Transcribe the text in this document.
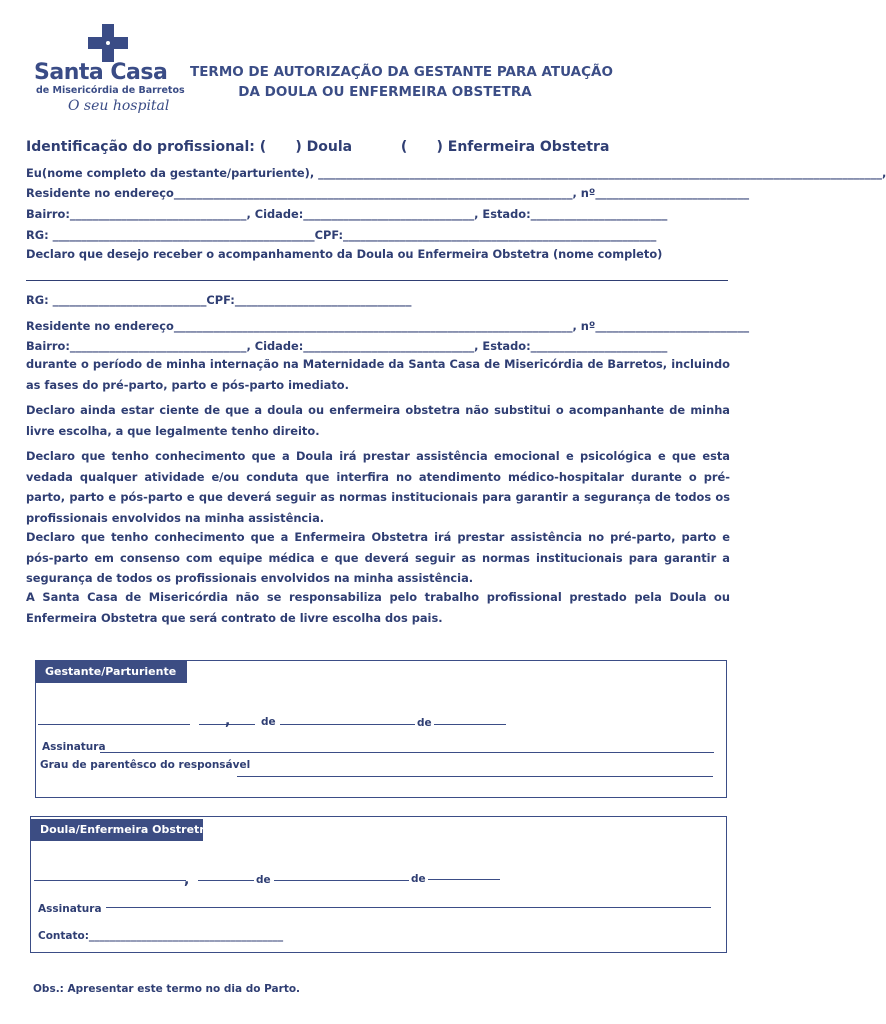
Santa Casa
de Misericórdia de Barretos
O seu hospital
TERMO DE AUTORIZAÇÃO DA GESTANTE PARA ATUAÇÃO
DA DOULA OU ENFERMEIRA OBSTETRA
Identificação do profissional: (      ) Doula          (      ) Enfermeira Obstetra
Eu(nome completo da gestante/parturiente), ___________________________________________________________________________________________________,
Residente no endereço______________________________________________________________________, nº___________________________
Bairro:_______________________________, Cidade:______________________________, Estado:________________________
RG: ______________________________________________CPF:_______________________________________________________
Declaro que desejo receber o acompanhamento da Doula ou Enfermeira Obstetra (nome completo)
RG: ___________________________CPF:_______________________________
Residente no endereço______________________________________________________________________, nº___________________________
Bairro:_______________________________, Cidade:______________________________, Estado:________________________
durante o período de minha internação na Maternidade da Santa Casa de Misericórdia de Barretos, incluindo as fases do pré-parto, parto e pós-parto imediato.
Declaro ainda estar ciente de que a doula ou enfermeira obstetra não substitui o acompanhante de minha livre escolha, a que legalmente tenho direito.
Declaro que tenho conhecimento que a Doula irá prestar assistência emocional e psicológica e que esta vedada qualquer atividade e/ou conduta que interfira no atendimento médico-hospitalar durante o pré-parto, parto e pós-parto e que deverá seguir as normas institucionais para garantir a segurança de todos os profissionais envolvidos na minha assistência.
Declaro que tenho conhecimento que a Enfermeira Obstetra irá prestar assistência no pré-parto, parto e pós-parto em consenso com equipe médica e que deverá seguir as normas institucionais para garantir a segurança de todos os profissionais envolvidos na minha assistência.
A Santa Casa de Misericórdia não se responsabiliza pelo trabalho profissional prestado pela Doula ou Enfermeira Obstetra que será contrato de livre escolha dos pais.
Gestante/Parturiente
,	de	de
Assinatura
Grau de parentêsco do responsável
Doula/Enfermeira Obstretra
,	de	de
Assinatura
Contato:_____________________________________
Obs.: Apresentar este termo no dia do Parto.
